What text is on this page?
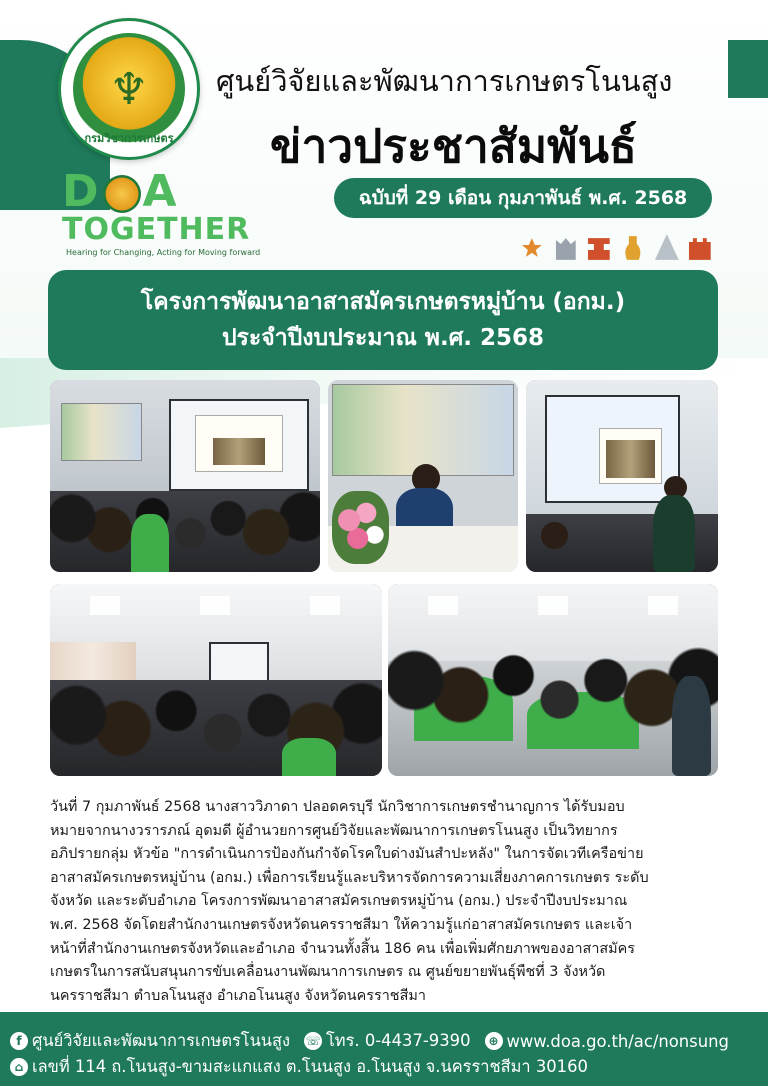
♆
กรมวิชาการเกษตร
ศูนย์วิจัยและพัฒนาการเกษตรโนนสูง
ข่าวประชาสัมพันธ์
ฉบับที่ 29 เดือน กุมภาพันธ์ พ.ศ. 2568
D A
TOGETHER
Hearing for Changing, Acting for Moving forward
โครงการพัฒนาอาสาสมัครเกษตรหมู่บ้าน (อกม.)
ประจำปีงบประมาณ พ.ศ. 2568
วันที่ 7 กุมภาพันธ์ 2568 นางสาววิภาดา ปลอดครบุรี นักวิชาการเกษตรชำนาญการ ได้รับมอบ
หมายจากนางวรารภณ์ อุดมดี ผู้อำนวยการศูนย์วิจัยและพัฒนาการเกษตรโนนสูง เป็นวิทยากร
อภิปรายกลุ่ม หัวข้อ "การดำเนินการป้องกันกำจัดโรคใบด่างมันสำปะหลัง" ในการจัดเวทีเครือข่าย
อาสาสมัครเกษตรหมู่บ้าน (อกม.) เพื่อการเรียนรู้และบริหารจัดการความเสี่ยงภาคการเกษตร ระดับ
จังหวัด และระดับอำเภอ โครงการพัฒนาอาสาสมัครเกษตรหมู่บ้าน (อกม.) ประจำปีงบประมาณ
พ.ศ. 2568 จัดโดยสำนักงานเกษตรจังหวัดนครราชสีมา ให้ความรู้แก่อาสาสมัครเกษตร และเจ้า
หน้าที่สำนักงานเกษตรจังหวัดและอำเภอ จำนวนทั้งสิ้น 186 คน เพื่อเพิ่มศักยภาพของอาสาสมัคร
เกษตรในการสนับสนุนการขับเคลื่อนงานพัฒนาการเกษตร ณ ศูนย์ขยายพันธุ์พืชที่ 3 จังหวัด
นครราชสีมา ตำบลโนนสูง อำเภอโนนสูง จังหวัดนครราชสีมา
f ศูนย์วิจัยและพัฒนาการเกษตรโนนสูง ☏ โทร. 0-4437-9390	⊕ www.doa.go.th/ac/nonsung
⌂ เลขที่ 114 ถ.โนนสูง-ขามสะแกแสง ต.โนนสูง อ.โนนสูง จ.นครราชสีมา 30160
